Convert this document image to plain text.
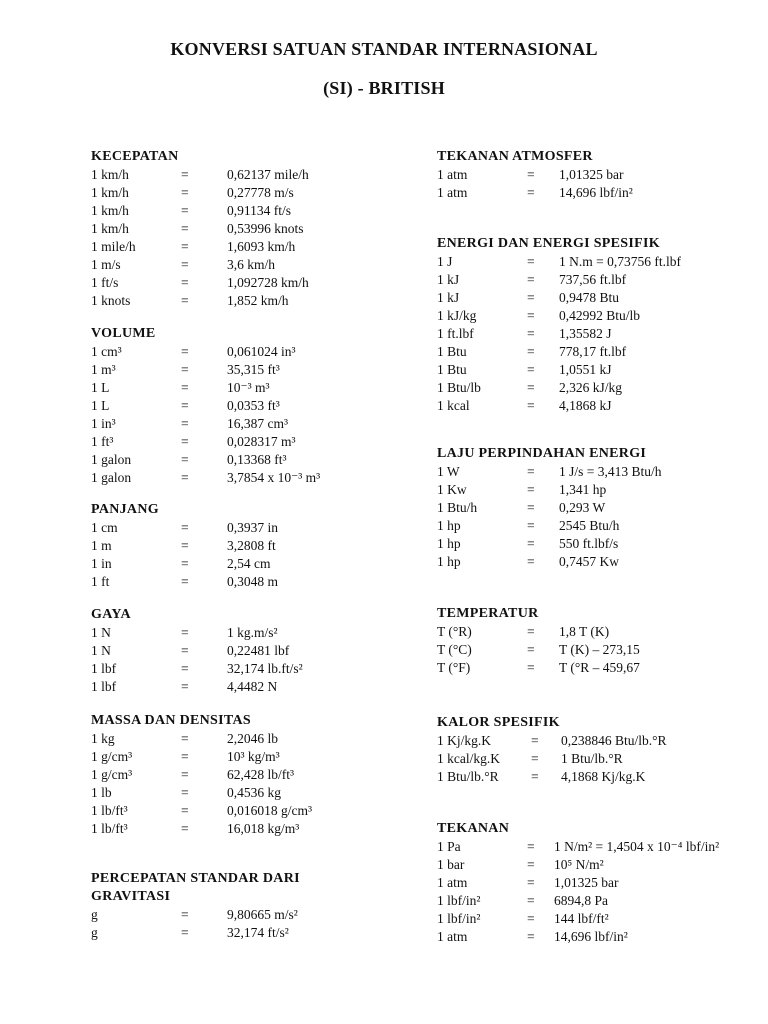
KONVERSI SATUAN STANDAR INTERNASIONAL
(SI) - BRITISH
KECEPATAN
1 km/h	=	0,62137 mile/h
1 km/h	=	0,27778 m/s
1 km/h	=	0,91134 ft/s
1 km/h	=	0,53996 knots
1 mile/h	=	1,6093 km/h
1 m/s	=	3,6 km/h
1 ft/s	=	1,092728 km/h
1 knots	=	1,852 km/h
VOLUME
1 cm³	=	0,061024 in³
1 m³	=	35,315 ft³
1 L	=	10⁻³ m³
1 L	=	0,0353 ft³
1 in³	=	16,387 cm³
1 ft³	=	0,028317 m³
1 galon	=	0,13368 ft³
1 galon	=	3,7854 x 10⁻³ m³
PANJANG
1 cm	=	0,3937 in
1 m	=	3,2808 ft
1 in	=	2,54 cm
1 ft	=	0,3048 m
GAYA
1 N	=	1 kg.m/s²
1 N	=	0,22481 lbf
1 lbf	=	32,174 lb.ft/s²
1 lbf	=	4,4482 N
MASSA DAN DENSITAS
1 kg	=	2,2046 lb
1 g/cm³	=	10³ kg/m³
1 g/cm³	=	62,428 lb/ft³
1 lb	=	0,4536 kg
1 lb/ft³	=	0,016018 g/cm³
1 lb/ft³	=	16,018 kg/m³
PERCEPATAN STANDAR DARI
GRAVITASI
g	=	9,80665 m/s²
g	=	32,174 ft/s²
TEKANAN ATMOSFER
1 atm	= 1,01325 bar
1 atm	= 14,696 lbf/in²
ENERGI DAN ENERGI SPESIFIK
1 J	= 1 N.m = 0,73756 ft.lbf
1 kJ	= 737,56 ft.lbf
1 kJ	= 0,9478 Btu
1 kJ/kg	= 0,42992 Btu/lb
1 ft.lbf	= 1,35582 J
1 Btu	= 778,17 ft.lbf
1 Btu	= 1,0551 kJ
1 Btu/lb	= 2,326 kJ/kg
1 kcal	= 4,1868 kJ
LAJU PERPINDAHAN ENERGI
1 W	= 1 J/s = 3,413 Btu/h
1 Kw	= 1,341 hp
1 Btu/h	= 0,293 W
1 hp	= 2545 Btu/h
1 hp	= 550 ft.lbf/s
1 hp	= 0,7457 Kw
TEMPERATUR
T (°R)	= 1,8 T (K)
T (°C)	= T (K) – 273,15
T (°F)	= T (°R – 459,67
KALOR SPESIFIK
1 Kj/kg.K	= 0,238846 Btu/lb.°R
1 kcal/kg.K = 1 Btu/lb.°R
1 Btu/lb.°R = 4,1868 Kj/kg.K
TEKANAN
1 Pa	= 1 N/m² = 1,4504 x 10⁻⁴ lbf/in²
1 bar	= 10⁵ N/m²
1 atm	= 1,01325 bar
1 lbf/in²	= 6894,8 Pa
1 lbf/in²	= 144 lbf/ft²
1 atm	= 14,696 lbf/in²
